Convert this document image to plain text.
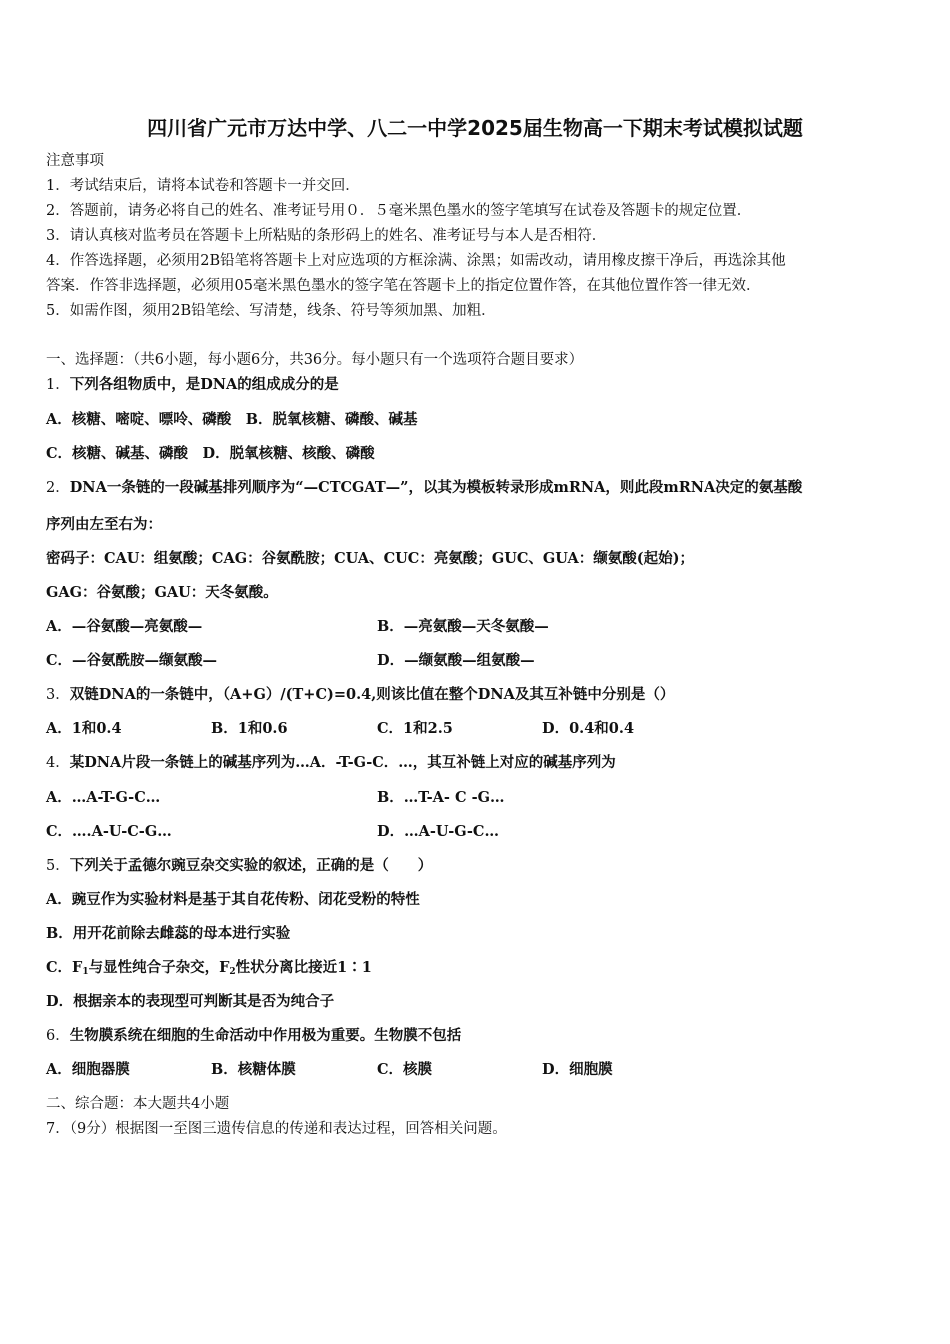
四川省广元市万达中学、八二一中学2025届生物高一下期末考试模拟试题
注意事项
1．考试结束后，请将本试卷和答题卡一并交回．
2．答题前，请务必将自己的姓名、准考证号用０．５毫米黑色墨水的签字笔填写在试卷及答题卡的规定位置．
3．请认真核对监考员在答题卡上所粘贴的条形码上的姓名、准考证号与本人是否相符．
4．作答选择题，必须用2B铅笔将答题卡上对应选项的方框涂满、涂黑；如需改动，请用橡皮擦干净后，再选涂其他
答案．作答非选择题，必须用05毫米黑色墨水的签字笔在答题卡上的指定位置作答，在其他位置作答一律无效．
5．如需作图，须用2B铅笔绘、写清楚，线条、符号等须加黑、加粗．
一、选择题：（共6小题，每小题6分，共36分。每小题只有一个选项符合题目要求）
1．下列各组物质中，是DNA的组成成分的是
A．核糖、嘧啶、嘌呤、磷酸　B．脱氧核糖、磷酸、碱基
C．核糖、碱基、磷酸　D．脱氧核糖、核酸、磷酸
2．DNA一条链的一段碱基排列顺序为“—CTCGAT—”，以其为模板转录形成mRNA，则此段mRNA决定的氨基酸
序列由左至右为：
密码子：CAU：组氨酸；CAG：谷氨酰胺；CUA、CUC：亮氨酸；GUC、GUA：缬氨酸(起始)；
GAG：谷氨酸；GAU：天冬氨酸。
A．—谷氨酸—亮氨酸—	B．—亮氨酸—天冬氨酸—
C．—谷氨酰胺—缬氨酸—	D．—缬氨酸—组氨酸—
3．双链DNA的一条链中，（A+G）/(T+C)=0.4,则该比值在整个DNA及其互补链中分别是（）
A．1和0.4	B．1和0.6	C．1和2.5	D．0.4和0.4
4．某DNA片段一条链上的碱基序列为…A．-T-G-C．…，其互补链上对应的碱基序列为
A．…A-T-G-C…	B．…T-A- C -G…
C．….A-U-C-G…	D．…A-U-G-C…
5．下列关于孟德尔豌豆杂交实验的叙述，正确的是（　　）
A．豌豆作为实验材料是基于其自花传粉、闭花受粉的特性
B．用开花前除去雌蕊的母本进行实验
C．$F_1$与显性纯合子杂交，$F_2$性状分离比接近1∶1
D．根据亲本的表现型可判断其是否为纯合子
6．生物膜系统在细胞的生命活动中作用极为重要。生物膜不包括
A．细胞器膜	B．核糖体膜	C．核膜	D．细胞膜
二、综合题：本大题共4小题
7．（9分）根据图一至图三遗传信息的传递和表达过程，回答相关问题。
